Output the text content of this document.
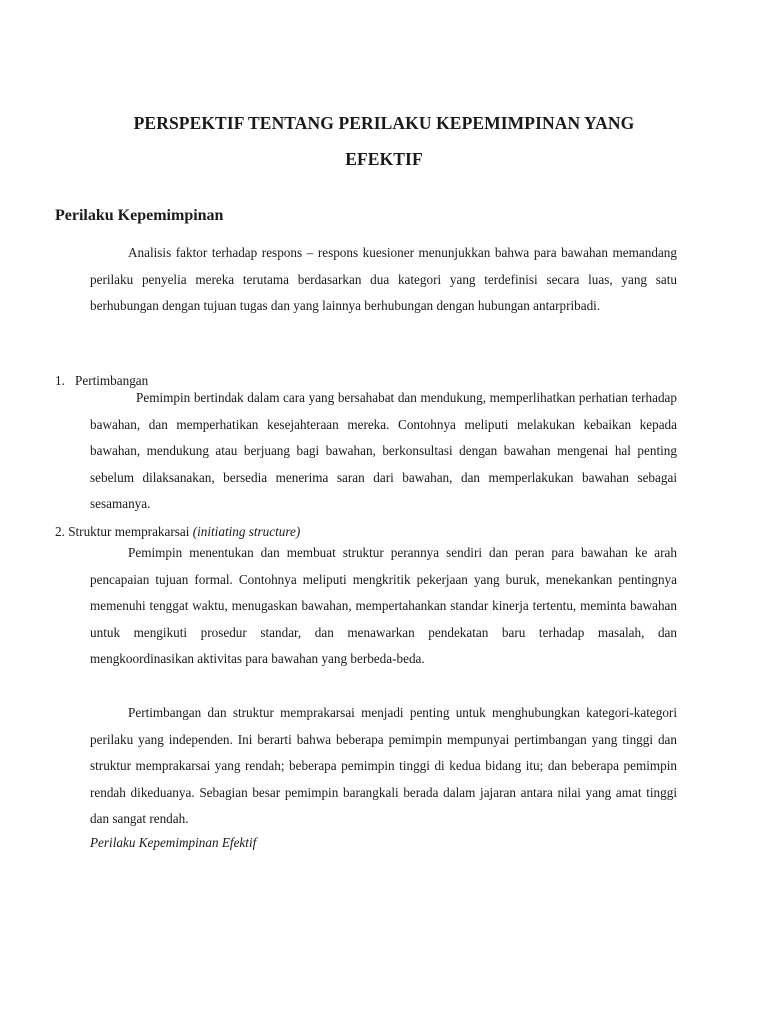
PERSPEKTIF TENTANG PERILAKU KEPEMIMPINAN YANG
EFEKTIF
Perilaku Kepemimpinan

Analisis faktor terhadap respons – respons kuesioner menunjukkan bahwa para bawahan memandang perilaku penyelia mereka terutama berdasarkan dua kategori yang terdefinisi secara luas, yang satu berhubungan dengan tujuan tugas dan yang lainnya berhubungan dengan hubungan antarpribadi.

1. Pertimbangan

Pemimpin bertindak dalam cara yang bersahabat dan mendukung, memperlihatkan perhatian terhadap bawahan, dan memperhatikan kesejahteraan mereka. Contohnya meliputi melakukan kebaikan kepada bawahan, mendukung atau berjuang bagi bawahan, berkonsultasi dengan bawahan mengenai hal penting sebelum dilaksanakan, bersedia menerima saran dari bawahan, dan memperlakukan bawahan sebagai sesamanya.

2. Struktur memprakarsai (initiating structure)

Pemimpin menentukan dan membuat struktur perannya sendiri dan peran para bawahan ke arah pencapaian tujuan formal. Contohnya meliputi mengkritik pekerjaan yang buruk, menekankan pentingnya memenuhi tenggat waktu, menugaskan bawahan, mempertahankan standar kinerja tertentu, meminta bawahan untuk mengikuti prosedur standar, dan menawarkan pendekatan baru terhadap masalah, dan mengkoordinasikan aktivitas para bawahan yang berbeda-beda.

Pertimbangan dan struktur memprakarsai menjadi penting untuk menghubungkan kategori-kategori perilaku yang independen. Ini berarti bahwa beberapa pemimpin mempunyai pertimbangan yang tinggi dan struktur memprakarsai yang rendah; beberapa pemimpin tinggi di kedua bidang itu; dan beberapa pemimpin rendah dikeduanya. Sebagian besar pemimpin barangkali berada dalam jajaran antara nilai yang amat tinggi dan sangat rendah.

Perilaku Kepemimpinan Efektif
